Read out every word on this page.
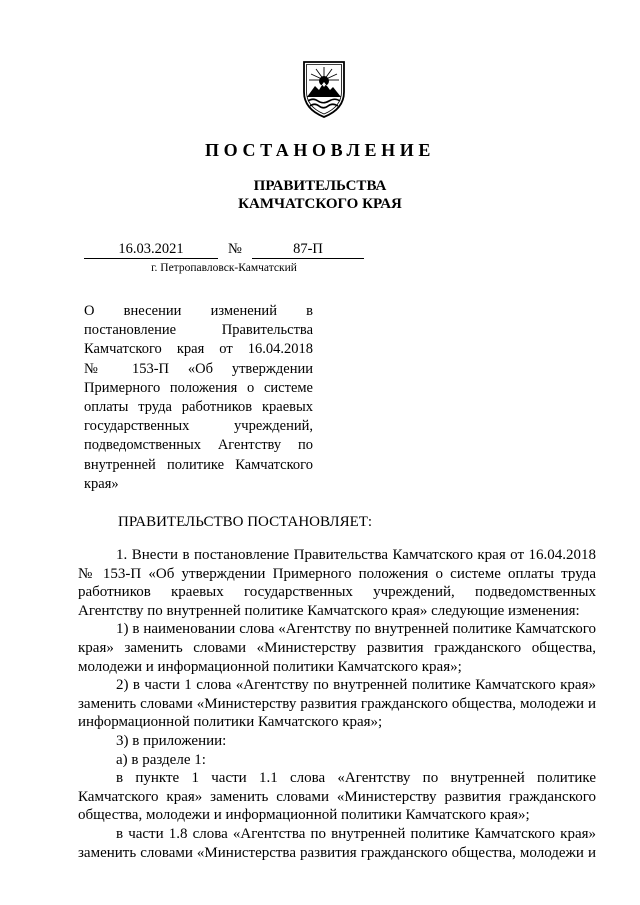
ПОСТАНОВЛЕНИЕ
ПРАВИТЕЛЬСТВА
КАМЧАТСКОГО КРАЯ
16.03.2021	№	87-П
г. Петропавловск-Камчатский
О внесении изменений в
постановление Правительства
Камчатского края от 16.04.2018
№ 153-П «Об утверждении
Примерного положения о системе
оплаты труда работников краевых
государственных учреждений,
подведомственных Агентству по
внутренней политике Камчатского
края»
ПРАВИТЕЛЬСТВО ПОСТАНОВЛЯЕТ:
1. Внести в постановление Правительства Камчатского края от 16.04.2018
№ 153-П «Об утверждении Примерного положения о системе оплаты труда
работников краевых государственных учреждений, подведомственных
Агентству по внутренней политике Камчатского края» следующие изменения:
1) в наименовании слова «Агентству по внутренней политике Камчатского
края» заменить словами «Министерству развития гражданского общества,
молодежи и информационной политики Камчатского края»;
2) в части 1 слова «Агентству по внутренней политике Камчатского края»
заменить словами «Министерству развития гражданского общества, молодежи и
информационной политики Камчатского края»;
3) в приложении:
а) в разделе 1:
в пункте 1 части 1.1 слова «Агентству по внутренней политике
Камчатского края» заменить словами «Министерству развития гражданского
общества, молодежи и информационной политики Камчатского края»;
в части 1.8 слова «Агентства по внутренней политике Камчатского края»
заменить словами «Министерства развития гражданского общества, молодежи и
